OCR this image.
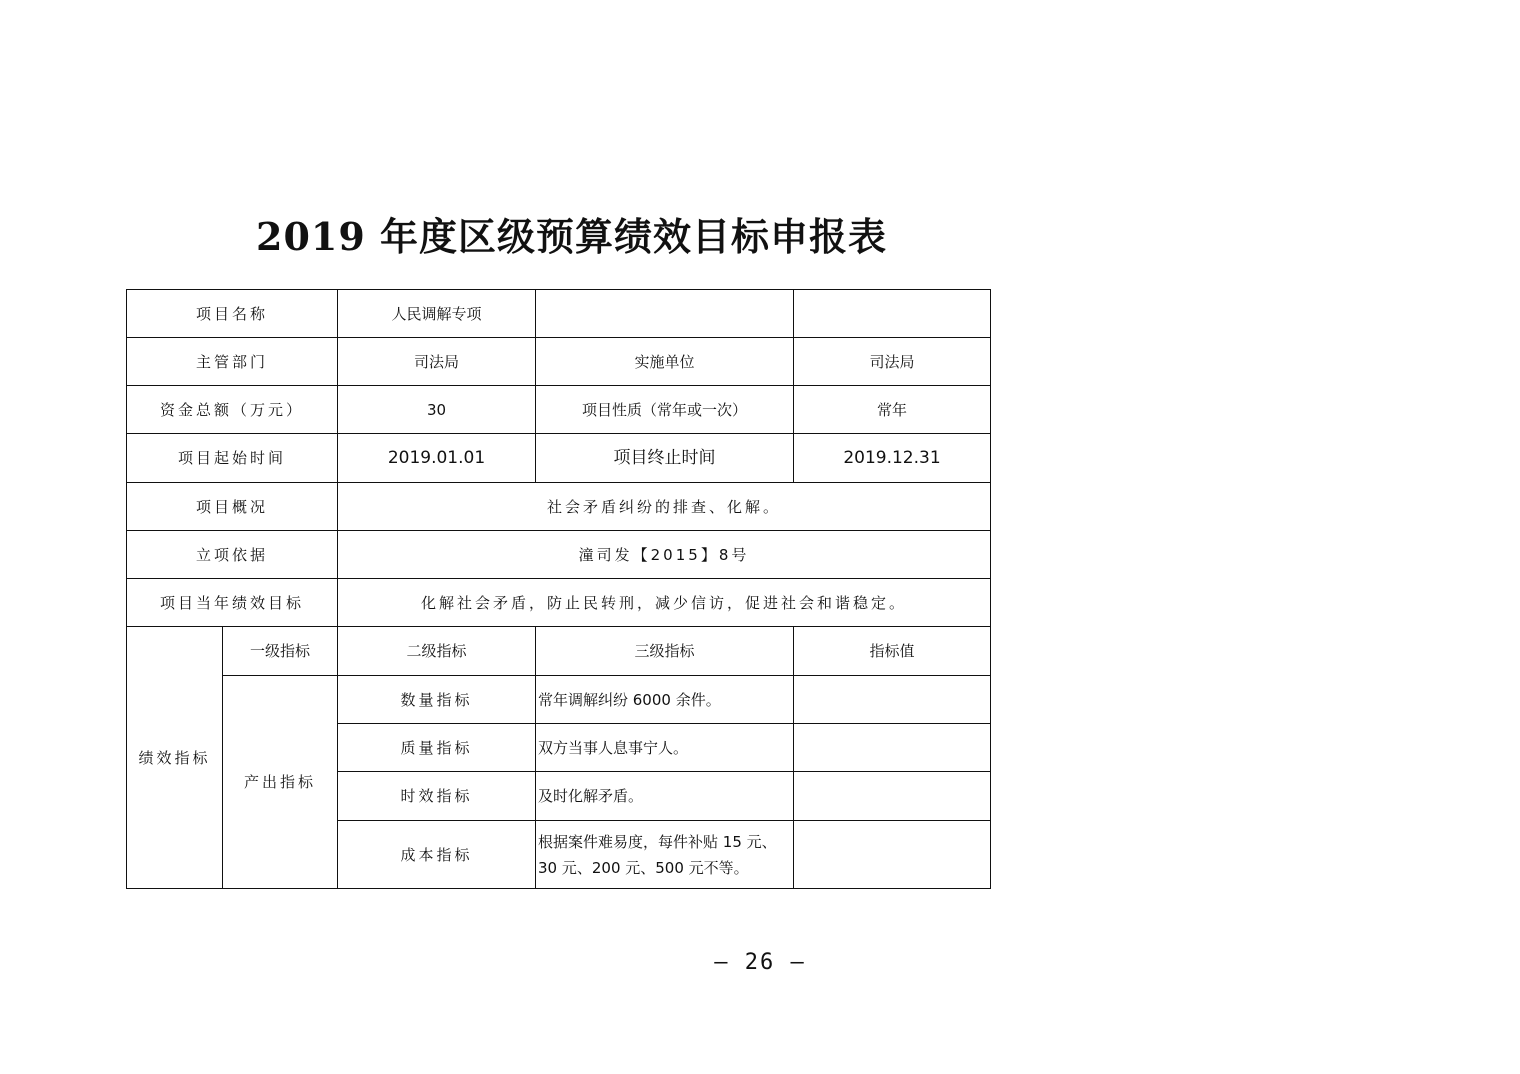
2019 年度区级预算绩效目标申报表
项目名称		人民调解专项		
主管部门		司法局	实施单位	司法局
资金总额（万元）		30	项目性质（常年或一次）	常年
项目起始时间		2019.01.01	项目终止时间	2019.12.31
项目概况		社会矛盾纠纷的排查、化解。		
立项依据		潼司发【2015】8号		
项目当年绩效目标		化解社会矛盾，防止民转刑，减少信访，促进社会和谐稳定。		
绩效指标	一级指标	二级指标	三级指标	指标值
	产出指标	数量指标	常年调解纠纷 6000 余件。	
		质量指标	双方当事人息事宁人。	
		时效指标	及时化解矛盾。	
		成本指标	根据案件难易度，每件补贴 15 元、
30 元、200 元、500 元不等。	

— 26 —
